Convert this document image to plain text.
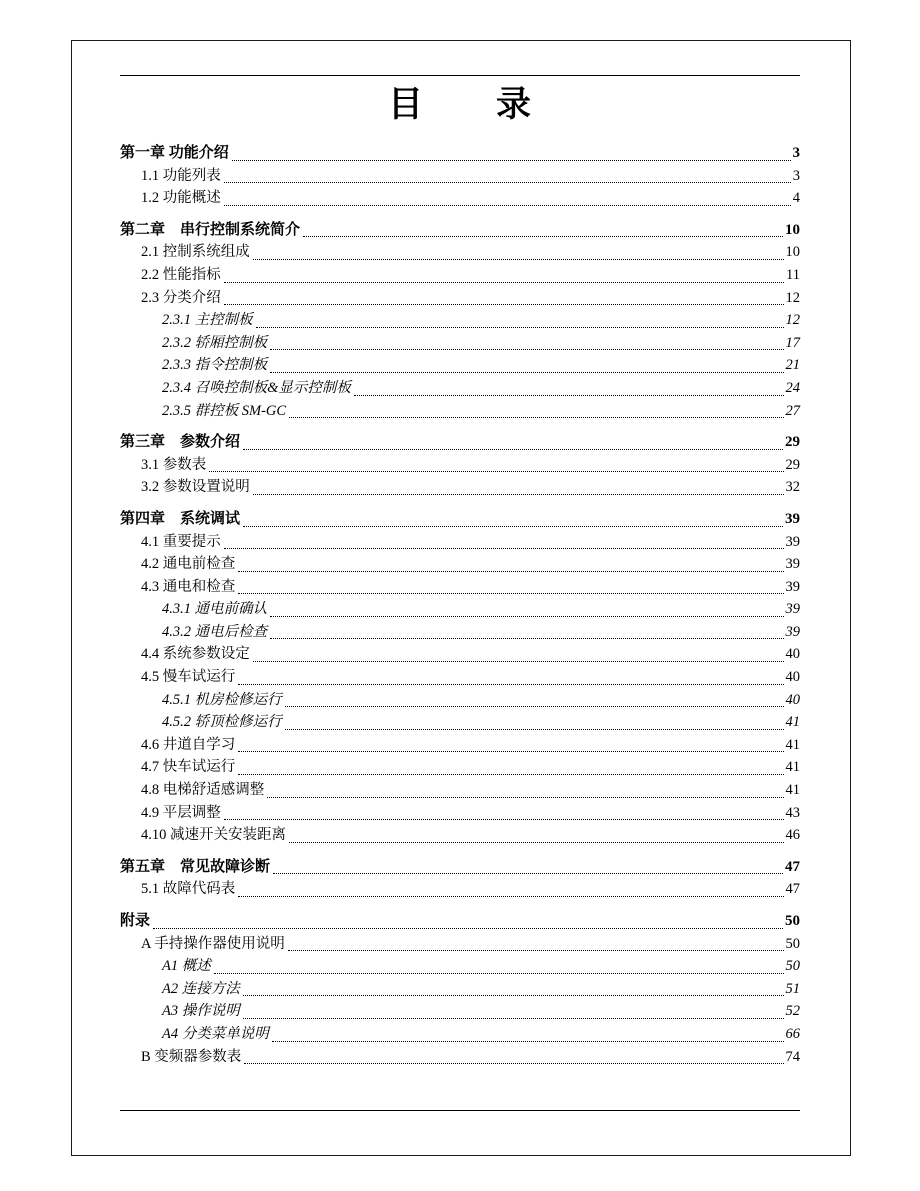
目　　录
第一章 功能介绍	3
1.1 功能列表	3
1.2 功能概述	4
第二章　串行控制系统简介	10
2.1 控制系统组成	10
2.2 性能指标	11
2.3 分类介绍	12
2.3.1 主控制板	12
2.3.2 轿厢控制板	17
2.3.3 指令控制板	21
2.3.4 召唤控制板&显示控制板	24
2.3.5 群控板 SM-GC	27
第三章　参数介绍	29
3.1 参数表	29
3.2 参数设置说明	32
第四章　系统调试	39
4.1 重要提示	39
4.2 通电前检查	39
4.3 通电和检查	39
4.3.1 通电前确认	39
4.3.2 通电后检查	39
4.4 系统参数设定	40
4.5 慢车试运行	40
4.5.1 机房检修运行	40
4.5.2 轿顶检修运行	41
4.6 井道自学习	41
4.7 快车试运行	41
4.8 电梯舒适感调整	41
4.9 平层调整	43
4.10 减速开关安装距离	46
第五章　常见故障诊断	47
5.1 故障代码表	47
附录	50
A 手持操作器使用说明	50
A1 概述	50
A2 连接方法	51
A3 操作说明	52
A4 分类菜单说明	66
B 变频器参数表	74
